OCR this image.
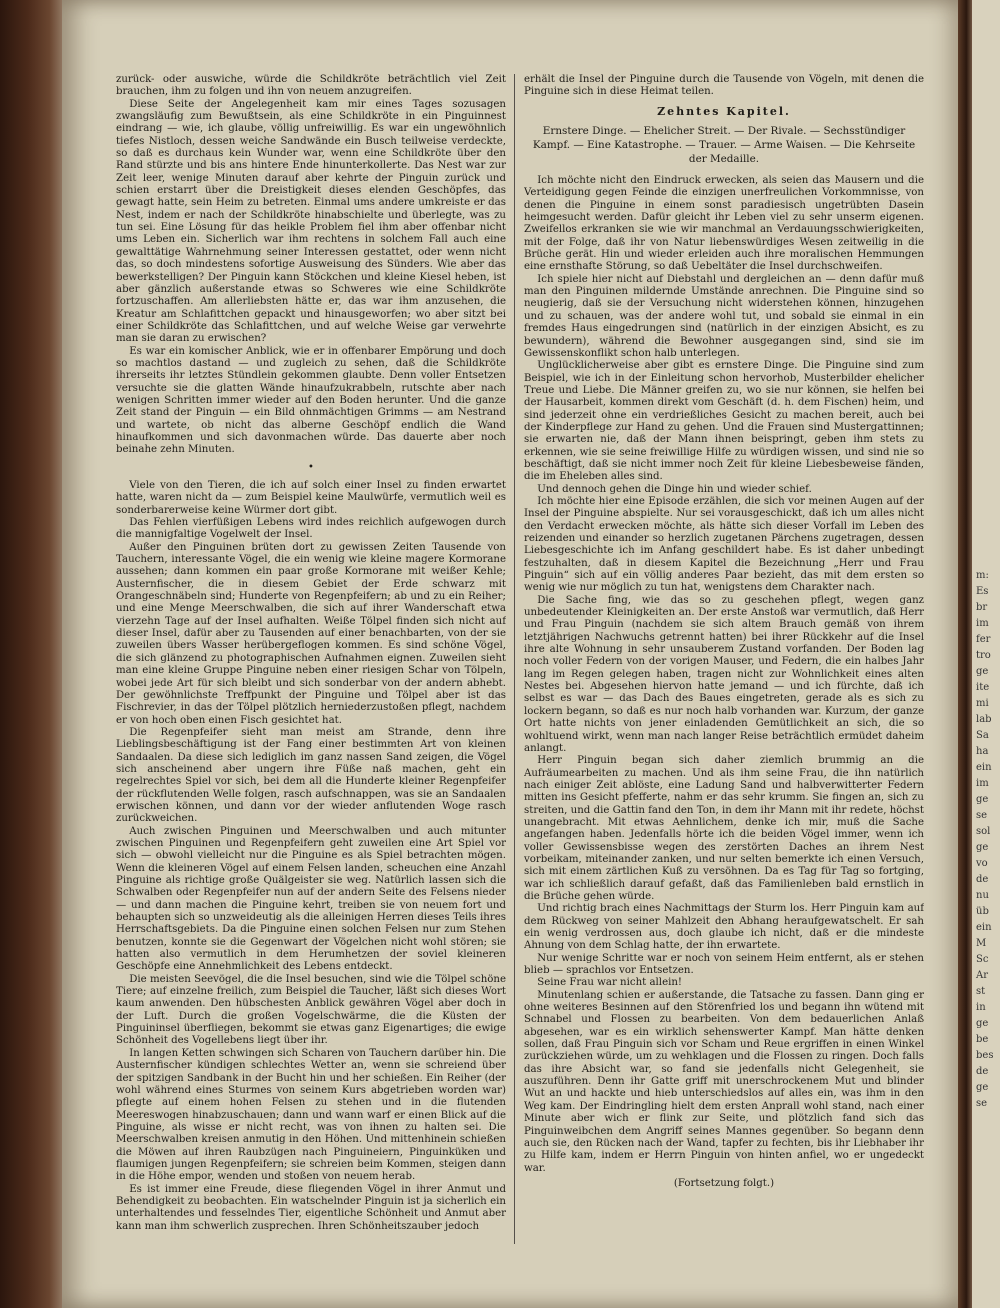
m:
Es
br
im
fer
tro
ge
ite
mi
lab
Sa
ha
ein
im
ge
se
sol
ge
vo
de
nu
üb
ein
M
Sc
Ar
st
in
ge
be
bes
de
ge
se

zurück- oder auswiche, würde die Schildkröte beträchtlich viel Zeit brauchen, ihm zu folgen und ihn von neuem anzugreifen.

Diese Seite der Angelegenheit kam mir eines Tages sozusagen zwangsläufig zum Bewußtsein, als eine Schildkröte in ein Pinguinnest eindrang — wie, ich glaube, völlig unfreiwillig. Es war ein ungewöhnlich tiefes Nistloch, dessen weiche Sandwände ein Busch teilweise verdeckte, so daß es durchaus kein Wunder war, wenn eine Schildkröte über den Rand stürzte und bis ans hintere Ende hinunterkollerte. Das Nest war zur Zeit leer, wenige Minuten darauf aber kehrte der Pinguin zurück und schien erstarrt über die Dreistigkeit dieses elenden Geschöpfes, das gewagt hatte, sein Heim zu betreten. Einmal ums andere umkreiste er das Nest, indem er nach der Schildkröte hinabschielte und überlegte, was zu tun sei. Eine Lösung für das heikle Problem fiel ihm aber offenbar nicht ums Leben ein. Sicherlich war ihm rechtens in solchem Fall auch eine gewalttätige Wahrnehmung seiner Interessen gestattet, oder wenn nicht das, so doch mindestens sofortige Ausweisung des Sünders. Wie aber das bewerkstelligen? Der Pinguin kann Stöckchen und kleine Kiesel heben, ist aber gänzlich außerstande etwas so Schweres wie eine Schildkröte fortzuschaffen. Am allerliebsten hätte er, das war ihm anzusehen, die Kreatur am Schlafittchen gepackt und hinausgeworfen; wo aber sitzt bei einer Schildkröte das Schlafittchen, und auf welche Weise gar verwehrte man sie daran zu erwischen?

Es war ein komischer Anblick, wie er in offenbarer Empörung und doch so machtlos dastand — und zugleich zu sehen, daß die Schildkröte ihrerseits ihr letztes Stündlein gekommen glaubte. Denn voller Entsetzen versuchte sie die glatten Wände hinaufzukrabbeln, rutschte aber nach wenigen Schritten immer wieder auf den Boden herunter. Und die ganze Zeit stand der Pinguin — ein Bild ohnmächtigen Grimms — am Nestrand und wartete, ob nicht das alberne Geschöpf endlich die Wand hinaufkommen und sich davonmachen würde. Das dauerte aber noch beinahe zehn Minuten.

•

Viele von den Tieren, die ich auf solch einer Insel zu finden erwartet hatte, waren nicht da — zum Beispiel keine Maulwürfe, vermutlich weil es sonderbarerweise keine Würmer dort gibt.

Das Fehlen vierfüßigen Lebens wird indes reichlich aufgewogen durch die mannigfaltige Vogelwelt der Insel.

Außer den Pinguinen brüten dort zu gewissen Zeiten Tausende von Tauchern, interessante Vögel, die ein wenig wie kleine magere Kormorane aussehen; dann kommen ein paar große Kormorane mit weißer Kehle; Austernfischer, die in diesem Gebiet der Erde schwarz mit Orangeschnäbeln sind; Hunderte von Regenpfeifern; ab und zu ein Reiher; und eine Menge Meerschwalben, die sich auf ihrer Wanderschaft etwa vierzehn Tage auf der Insel aufhalten. Weiße Tölpel finden sich nicht auf dieser Insel, dafür aber zu Tausenden auf einer benachbarten, von der sie zuweilen übers Wasser herübergeflogen kommen. Es sind schöne Vögel, die sich glänzend zu photographischen Aufnahmen eignen. Zuweilen sieht man eine kleine Gruppe Pinguine neben einer riesigen Schar von Tölpeln, wobei jede Art für sich bleibt und sich sonderbar von der andern abhebt. Der gewöhnlichste Treffpunkt der Pinguine und Tölpel aber ist das Fischrevier, in das der Tölpel plötzlich herniederzustoßen pflegt, nachdem er von hoch oben einen Fisch gesichtet hat.

Die Regenpfeifer sieht man meist am Strande, denn ihre Lieblingsbeschäftigung ist der Fang einer bestimmten Art von kleinen Sandaalen. Da diese sich lediglich im ganz nassen Sand zeigen, die Vögel sich anscheinend aber ungern ihre Füße naß machen, geht ein regelrechtes Spiel vor sich, bei dem all die Hunderte kleiner Regenpfeifer der rückflutenden Welle folgen, rasch aufschnappen, was sie an Sandaalen erwischen können, und dann vor der wieder anflutenden Woge rasch zurückweichen.

Auch zwischen Pinguinen und Meerschwalben und auch mitunter zwischen Pinguinen und Regenpfeifern geht zuweilen eine Art Spiel vor sich — obwohl vielleicht nur die Pinguine es als Spiel betrachten mögen. Wenn die kleineren Vögel auf einem Felsen landen, scheuchen eine Anzahl Pinguine als richtige große Quälgeister sie weg. Natürlich lassen sich die Schwalben oder Regenpfeifer nun auf der andern Seite des Felsens nieder — und dann machen die Pinguine kehrt, treiben sie von neuem fort und behaupten sich so unzweideutig als die alleinigen Herren dieses Teils ihres Herrschaftsgebiets. Da die Pinguine einen solchen Felsen nur zum Stehen benutzen, konnte sie die Gegenwart der Vögelchen nicht wohl stören; sie hatten also vermutlich in dem Herumhetzen der soviel kleineren Geschöpfe eine Annehmlichkeit des Lebens entdeckt.

Die meisten Seevögel, die die Insel besuchen, sind wie die Tölpel schöne Tiere; auf einzelne freilich, zum Beispiel die Taucher, läßt sich dieses Wort kaum anwenden. Den hübschesten Anblick gewähren Vögel aber doch in der Luft. Durch die großen Vogelschwärme, die die Küsten der Pinguininsel überfliegen, bekommt sie etwas ganz Eigenartiges; die ewige Schönheit des Vogellebens liegt über ihr.

In langen Ketten schwingen sich Scharen von Tauchern darüber hin. Die Austernfischer kündigen schlechtes Wetter an, wenn sie schreiend über der spitzigen Sandbank in der Bucht hin und her schießen. Ein Reiher (der wohl während eines Sturmes von seinem Kurs abgetrieben worden war) pflegte auf einem hohen Felsen zu stehen und in die flutenden Meereswogen hinabzuschauen; dann und wann warf er einen Blick auf die Pinguine, als wisse er nicht recht, was von ihnen zu halten sei. Die Meerschwalben kreisen anmutig in den Höhen. Und mittenhinein schießen die Möwen auf ihren Raubzügen nach Pinguineiern, Pinguinküken und flaumigen jungen Regenpfeifern; sie schreien beim Kommen, steigen dann in die Höhe empor, wenden und stoßen von neuem herab.

Es ist immer eine Freude, diese fliegenden Vögel in ihrer Anmut und Behendigkeit zu beobachten. Ein watschelnder Pinguin ist ja sicherlich ein unterhaltendes und fesselndes Tier, eigentliche Schönheit und Anmut aber kann man ihm schwerlich zusprechen. Ihren Schönheitszauber jedoch

erhält die Insel der Pinguine durch die Tausende von Vögeln, mit denen die Pinguine sich in diese Heimat teilen.

Zehntes Kapitel.
Ernstere Dinge. — Ehelicher Streit. — Der Rivale. — Sechsstündiger Kampf. — Eine Katastrophe. — Trauer. — Arme Waisen. — Die Kehrseite der Medaille.

Ich möchte nicht den Eindruck erwecken, als seien das Mausern und die Verteidigung gegen Feinde die einzigen unerfreulichen Vorkommnisse, von denen die Pinguine in einem sonst paradiesisch ungetrübten Dasein heimgesucht werden. Dafür gleicht ihr Leben viel zu sehr unserm eigenen. Zweifellos erkranken sie wie wir manchmal an Verdauungsschwierigkeiten, mit der Folge, daß ihr von Natur liebenswürdiges Wesen zeitweilig in die Brüche gerät. Hin und wieder erleiden auch ihre moralischen Hemmungen eine ernsthafte Störung, so daß Uebeltäter die Insel durchschweifen.

Ich spiele hier nicht auf Diebstahl und dergleichen an — denn dafür muß man den Pinguinen mildernde Umstände anrechnen. Die Pinguine sind so neugierig, daß sie der Versuchung nicht widerstehen können, hinzugehen und zu schauen, was der andere wohl tut, und sobald sie einmal in ein fremdes Haus eingedrungen sind (natürlich in der einzigen Absicht, es zu bewundern), während die Bewohner ausgegangen sind, sind sie im Gewissenskonflikt schon halb unterlegen.

Unglücklicherweise aber gibt es ernstere Dinge. Die Pinguine sind zum Beispiel, wie ich in der Einleitung schon hervorhob, Musterbilder ehelicher Treue und Liebe. Die Männer greifen zu, wo sie nur können, sie helfen bei der Hausarbeit, kommen direkt vom Geschäft (d. h. dem Fischen) heim, und sind jederzeit ohne ein verdrießliches Gesicht zu machen bereit, auch bei der Kinderpflege zur Hand zu gehen. Und die Frauen sind Mustergattinnen; sie erwarten nie, daß der Mann ihnen beispringt, geben ihm stets zu erkennen, wie sie seine freiwillige Hilfe zu würdigen wissen, und sind nie so beschäftigt, daß sie nicht immer noch Zeit für kleine Liebesbeweise fänden, die im Eheleben alles sind.

Und dennoch gehen die Dinge hin und wieder schief.

Ich möchte hier eine Episode erzählen, die sich vor meinen Augen auf der Insel der Pinguine abspielte. Nur sei vorausgeschickt, daß ich um alles nicht den Verdacht erwecken möchte, als hätte sich dieser Vorfall im Leben des reizenden und einander so herzlich zugetanen Pärchens zugetragen, dessen Liebesgeschichte ich im Anfang geschildert habe. Es ist daher unbedingt festzuhalten, daß in diesem Kapitel die Bezeichnung „Herr und Frau Pinguin“ sich auf ein völlig anderes Paar bezieht, das mit dem ersten so wenig wie nur möglich zu tun hat, wenigstens dem Charakter nach.

Die Sache fing, wie das so zu geschehen pflegt, wegen ganz unbedeutender Kleinigkeiten an. Der erste Anstoß war vermutlich, daß Herr und Frau Pinguin (nachdem sie sich altem Brauch gemäß von ihrem letztjährigen Nachwuchs getrennt hatten) bei ihrer Rückkehr auf die Insel ihre alte Wohnung in sehr unsauberem Zustand vorfanden. Der Boden lag noch voller Federn von der vorigen Mauser, und Federn, die ein halbes Jahr lang im Regen gelegen haben, tragen nicht zur Wohnlichkeit eines alten Nestes bei. Abgesehen hiervon hatte jemand — und ich fürchte, daß ich selbst es war — das Dach des Baues eingetreten, gerade als es sich zu lockern begann, so daß es nur noch halb vorhanden war. Kurzum, der ganze Ort hatte nichts von jener einladenden Gemütlichkeit an sich, die so wohltuend wirkt, wenn man nach langer Reise beträchtlich ermüdet daheim anlangt.

Herr Pinguin began sich daher ziemlich brummig an die Aufräumearbeiten zu machen. Und als ihm seine Frau, die ihn natürlich nach einiger Zeit ablöste, eine Ladung Sand und halbverwitterter Federn mitten ins Gesicht pfefferte, nahm er das sehr krumm. Sie fingen an, sich zu streiten, und die Gattin fand den Ton, in dem ihr Mann mit ihr redete, höchst unangebracht. Mit etwas Aehnlichem, denke ich mir, muß die Sache angefangen haben. Jedenfalls hörte ich die beiden Vögel immer, wenn ich voller Gewissensbisse wegen des zerstörten Daches an ihrem Nest vorbeikam, miteinander zanken, und nur selten bemerkte ich einen Versuch, sich mit einem zärtlichen Kuß zu versöhnen. Da es Tag für Tag so fortging, war ich schließlich darauf gefaßt, daß das Familienleben bald ernstlich in die Brüche gehen würde.

Und richtig brach eines Nachmittags der Sturm los. Herr Pinguin kam auf dem Rückweg von seiner Mahlzeit den Abhang heraufgewatschelt. Er sah ein wenig verdrossen aus, doch glaube ich nicht, daß er die mindeste Ahnung von dem Schlag hatte, der ihn erwartete.

Nur wenige Schritte war er noch von seinem Heim entfernt, als er stehen blieb — sprachlos vor Entsetzen.

Seine Frau war nicht allein!

Minutenlang schien er außerstande, die Tatsache zu fassen. Dann ging er ohne weiteres Besinnen auf den Störenfried los und begann ihn wütend mit Schnabel und Flossen zu bearbeiten. Von dem bedauerlichen Anlaß abgesehen, war es ein wirklich sehenswerter Kampf. Man hätte denken sollen, daß Frau Pinguin sich vor Scham und Reue ergriffen in einen Winkel zurückziehen würde, um zu wehklagen und die Flossen zu ringen. Doch falls das ihre Absicht war, so fand sie jedenfalls nicht Gelegenheit, sie auszuführen. Denn ihr Gatte griff mit unerschrockenem Mut und blinder Wut an und hackte und hieb unterschiedslos auf alles ein, was ihm in den Weg kam. Der Eindringling hielt dem ersten Anprall wohl stand, nach einer Minute aber wich er flink zur Seite, und plötzlich fand sich das Pinguinweibchen dem Angriff seines Mannes gegenüber. So begann denn auch sie, den Rücken nach der Wand, tapfer zu fechten, bis ihr Liebhaber ihr zu Hilfe kam, indem er Herrn Pinguin von hinten anfiel, wo er ungedeckt war.

(Fortsetzung folgt.)
